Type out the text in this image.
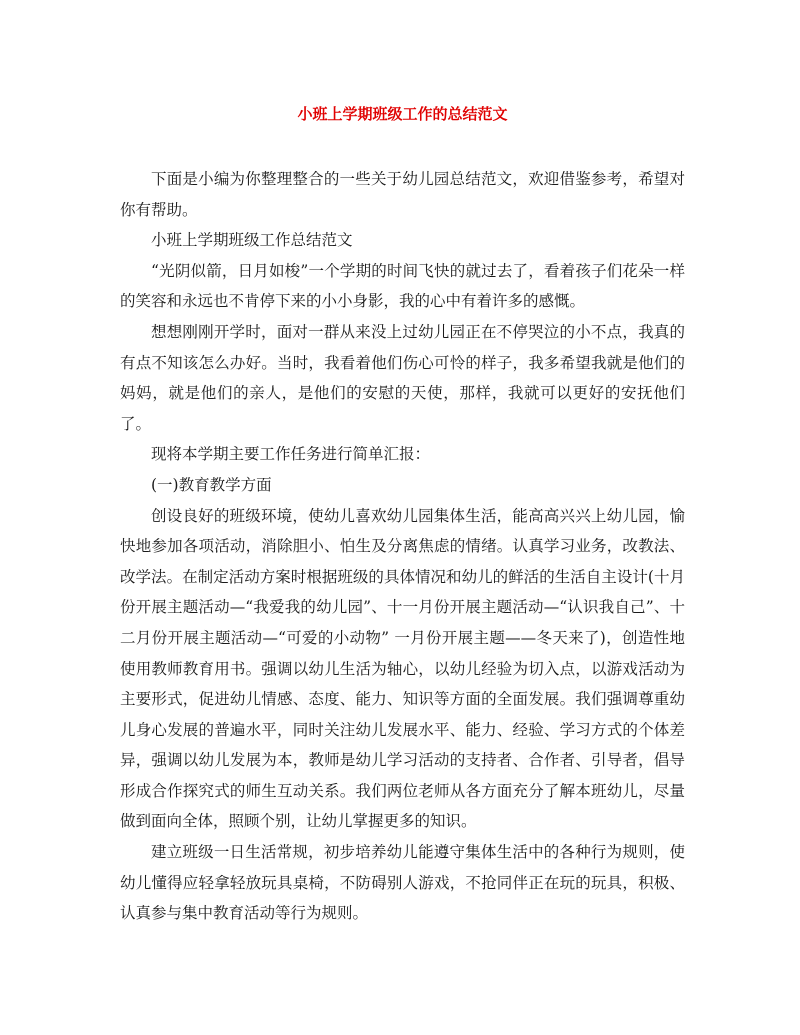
小班上学期班级工作的总结范文

下面是小编为你整理整合的一些关于幼儿园总结范文，欢迎借鉴参考，希望对你有帮助。

小班上学期班级工作总结范文

“光阴似箭，日月如梭”一个学期的时间飞快的就过去了，看着孩子们花朵一样的笑容和永远也不肯停下来的小小身影，我的心中有着许多的感慨。

想想刚刚开学时，面对一群从来没上过幼儿园正在不停哭泣的小不点，我真的有点不知该怎么办好。当时，我看着他们伤心可怜的样子，我多希望我就是他们的妈妈，就是他们的亲人，是他们的安慰的天使，那样，我就可以更好的安抚他们了。

现将本学期主要工作任务进行简单汇报：

(一)教育教学方面

创设良好的班级环境，使幼儿喜欢幼儿园集体生活，能高高兴兴上幼儿园，愉快地参加各项活动，消除胆小、怕生及分离焦虑的情绪。认真学习业务，改教法、改学法。在制定活动方案时根据班级的具体情况和幼儿的鲜活的生活自主设计(十月份开展主题活动—“我爱我的幼儿园”、十一月份开展主题活动—“认识我自己”、十二月份开展主题活动—“可爱的小动物” 一月份开展主题——冬天来了)，创造性地使用教师教育用书。强调以幼儿生活为轴心，以幼儿经验为切入点，以游戏活动为主要形式，促进幼儿情感、态度、能力、知识等方面的全面发展。我们强调尊重幼儿身心发展的普遍水平，同时关注幼儿发展水平、能力、经验、学习方式的个体差异，强调以幼儿发展为本，教师是幼儿学习活动的支持者、合作者、引导者，倡导形成合作探究式的师生互动关系。我们两位老师从各方面充分了解本班幼儿，尽量做到面向全体，照顾个别，让幼儿掌握更多的知识。

建立班级一日生活常规，初步培养幼儿能遵守集体生活中的各种行为规则，使幼儿懂得应轻拿轻放玩具桌椅，不防碍别人游戏，不抢同伴正在玩的玩具，积极、认真参与集中教育活动等行为规则。
